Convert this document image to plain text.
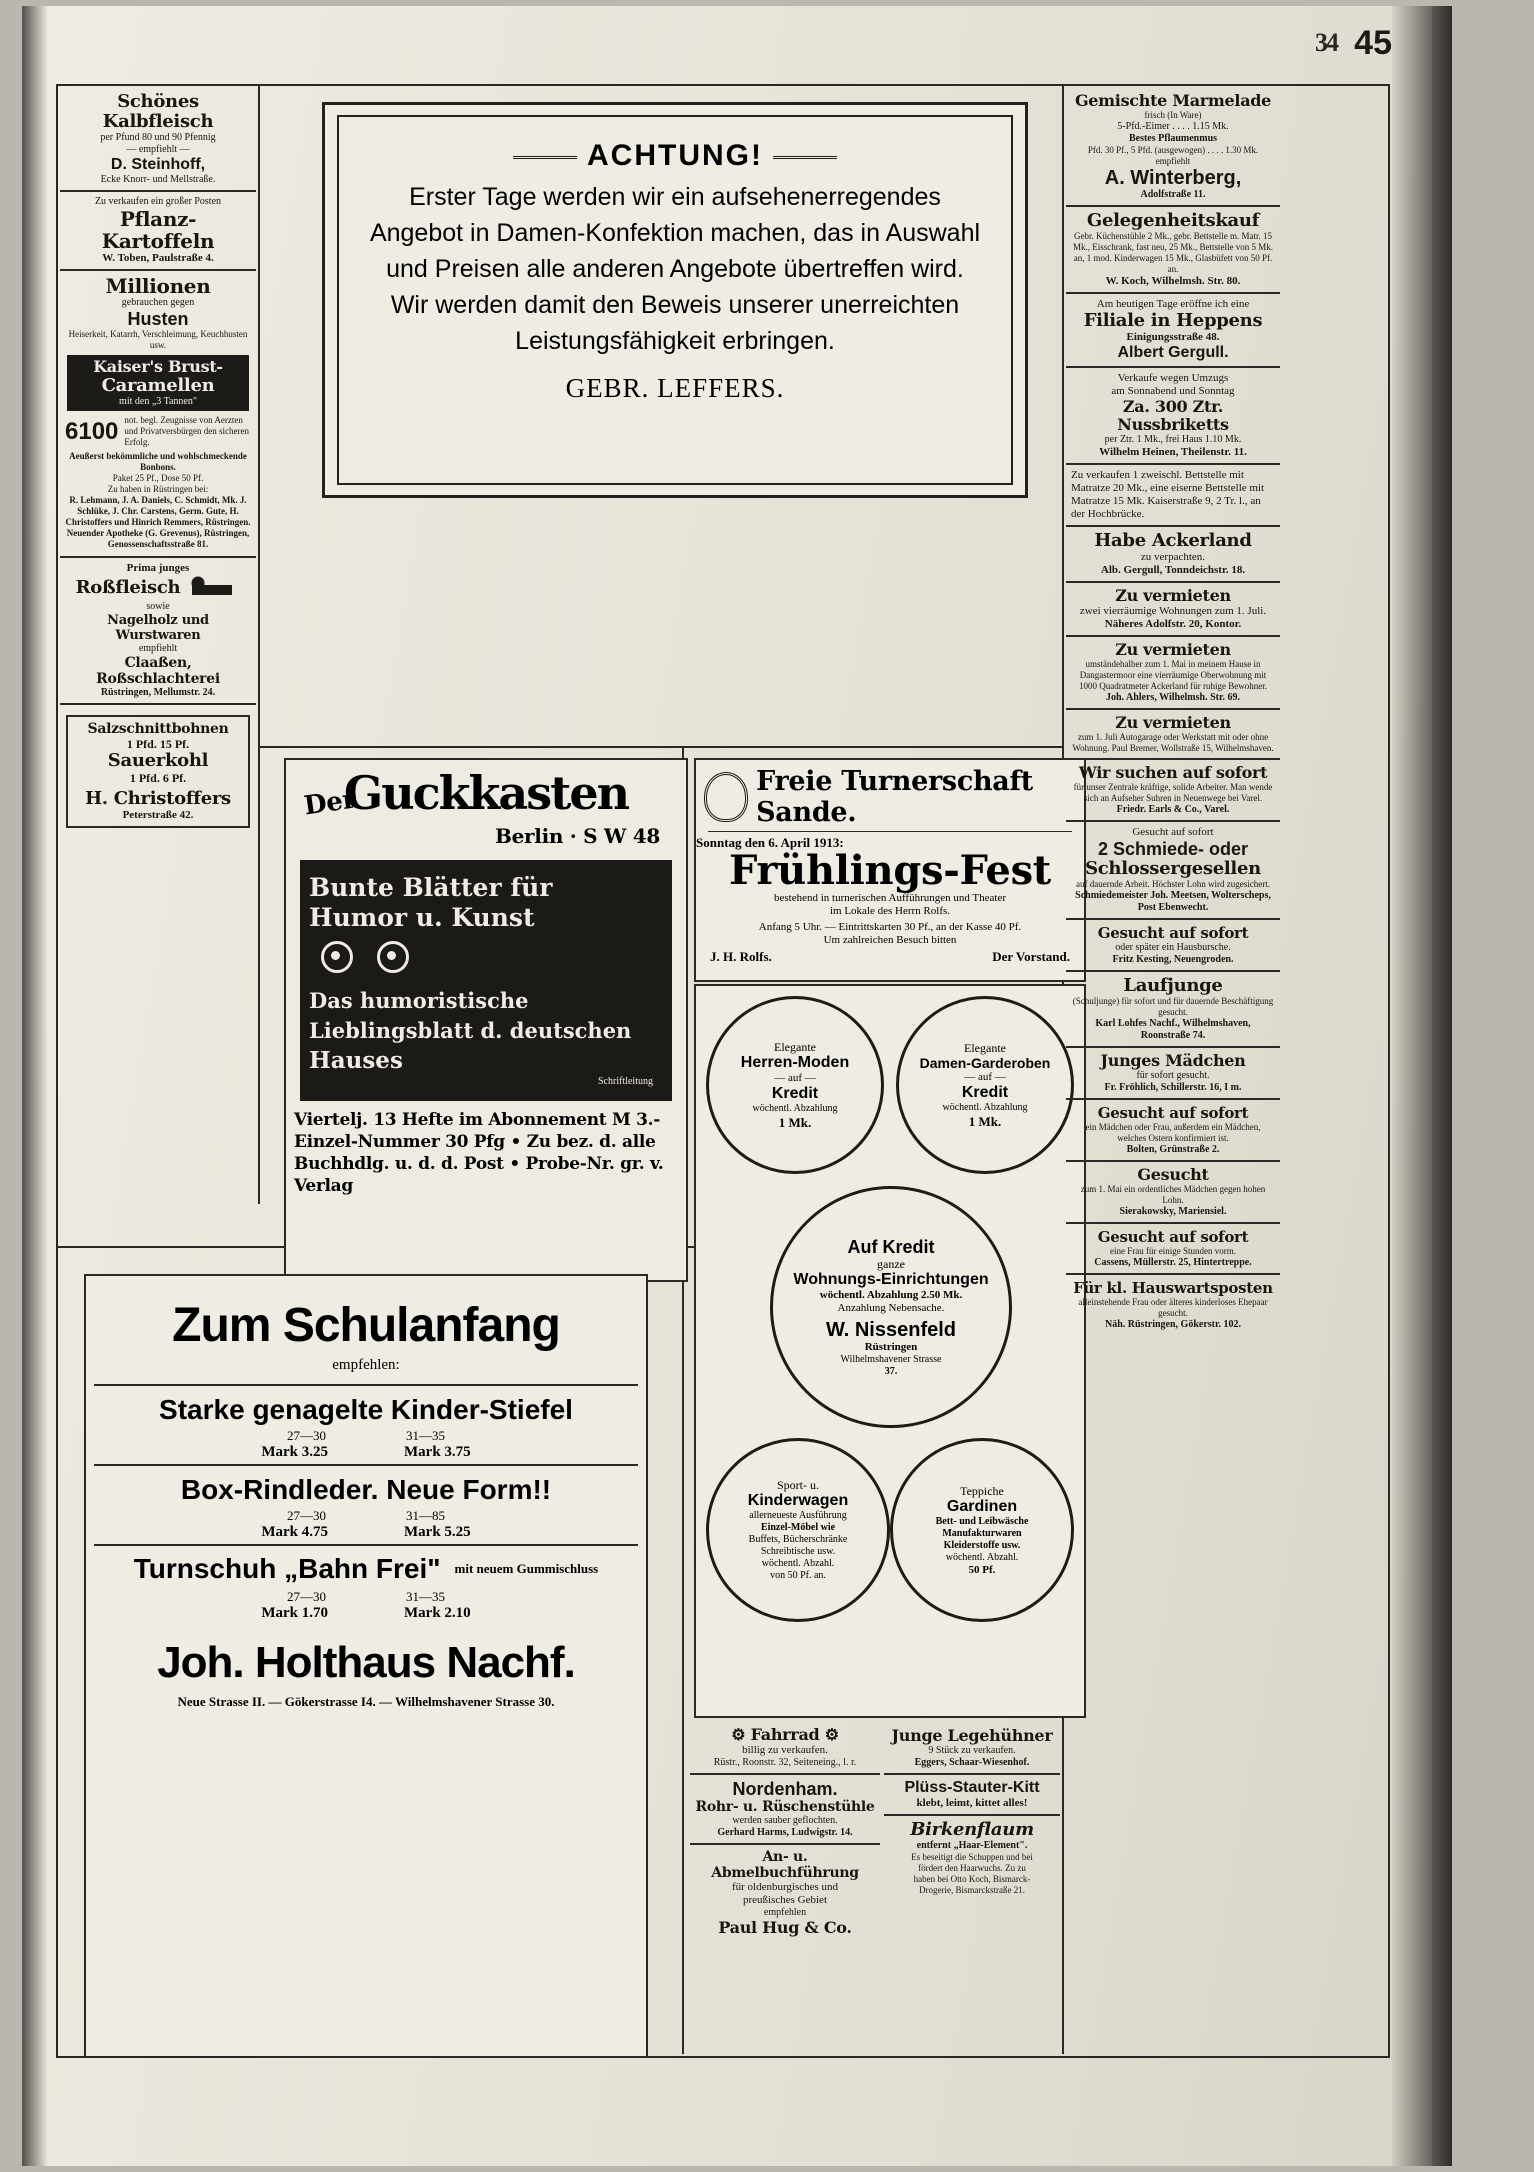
34 45
Schönes Kalbfleisch
per Pfund 80 und 90 Pfennig
— empfiehlt —
D. Steinhoff,
Ecke Knorr- und Mellstraße.
Zu verkaufen ein großer Posten
Pflanz-Kartoffeln
W. Toben, Paulstraße 4.
Millionen
gebrauchen gegen
Husten
Heiserkeit, Katarrh, Verschleimung, Keuchhusten usw.
Kaiser's Brust-
Caramellen
mit den „3 Tannen"
6100 not. begl. Zeugnisse von Aerzten und Privatversbürgen den sicheren Erfolg.
Aeußerst bekömmliche und wohlschmeckende Bonbons.
Paket 25 Pf., Dose 50 Pf.
Zu haben in Rüstringen bei:
R. Lehmann, J. A. Daniels, C. Schmidt, Mk. J. Schlüke, J. Chr. Carstens, Germ. Gute, H. Christoffers und Hinrich Remmers, Rüstringen. Neuender Apotheke (G. Grevenus), Rüstringen, Genossenschaftsstraße 81.
Prima junges
Roßfleisch
sowie
Nagelholz und Wurstwaren
empfiehlt
Claaßen, Roßschlachterei
Rüstringen, Mellumstr. 24.
Salzschnittbohnen
1 Pfd. 15 Pf.
Sauerkohl
1 Pfd. 6 Pf.
H. Christoffers
Peterstraße 42.
ACHTUNG!

Erster Tage werden wir ein aufsehenerregendes Angebot in Damen-Konfektion machen, das in Auswahl und Preisen alle anderen Angebote übertreffen wird. Wir werden damit den Beweis unserer unerreichten Leistungsfähigkeit erbringen.

GEBR. LEFFERS.
Der
Guckkasten
Berlin · S W 48
Bunte Blätter für
Humor u. Kunst
Das humoristische
Lieblingsblatt d. deutschen
Hauses
Schriftleitung
Viertelj. 13 Hefte im Abonnement M 3.-
Einzel-Nummer 30 Pfg • Zu bez. d. alle
Buchhdlg. u. d. d. Post • Probe-Nr. gr. v. Verlag
Freie Turnerschaft Sande.
Sonntag den 6. April 1913:
Frühlings-Fest
bestehend in turnerischen Aufführungen und Theater
im Lokale des Herrn Rolfs.
Anfang 5 Uhr. — Eintrittskarten 30 Pf., an der Kasse 40 Pf.
Um zahlreichen Besuch bitten
J. H. Rolfs.	Der Vorstand.
Elegante
Herren-Moden
— auf —
Kredit
wöchentl. Abzahlung
1 Mk.
Elegante
Damen-Garderoben
— auf —
Kredit
wöchentl. Abzahlung
1 Mk.
Auf Kredit
ganze
Wohnungs-Einrichtungen
wöchentl. Abzahlung 2.50 Mk.
Anzahlung Nebensache.
W. Nissenfeld
Rüstringen
Wilhelmshavener Strasse
37.
Sport- u.
Kinderwagen
allerneueste Ausführung
Einzel-Möbel wie
Buffets, Bücherschränke
Schreibtische usw.
wöchentl. Abzahl.
von 50 Pf. an.
Teppiche
Gardinen
Bett- und Leibwäsche
Manufakturwaren
Kleiderstoffe usw.
wöchentl. Abzahl.
50 Pf.
Zum Schulanfang
empfehlen:
Starke genagelte Kinder-Stiefel
27—30	31—35
Mark 3.25	Mark 3.75
Box-Rindleder. Neue Form!!
27—30	31—85
Mark 4.75	Mark 5.25
Turnschuh „Bahn Frei" mit neuem Gummischluss
27—30	31—35
Mark 1.70	Mark 2.10
Joh. Holthaus Nachf.
Neue Strasse II. — Gökerstrasse I4. — Wilhelmshavener Strasse 30.
⚙ Fahrrad ⚙
billig zu verkaufen.
Rüstr., Roonstr. 32, Seiteneing., l. r.
Nordenham.
Rohr- u. Rüschenstühle
werden sauber geflochten.
Gerhard Harms, Ludwigstr. 14.
An- u. Abmelbuchführung
für oldenburgisches und
preußisches Gebiet
empfehlen
Paul Hug & Co.
Junge Legehühner
9 Stück zu verkaufen.
Eggers, Schaar-Wiesenhof.
Plüss-Stauter-Kitt
klebt, leimt, kittet alles!
Birkenflaum
entfernt „Haar-Element".
Es beseitigt die Schuppen und bei
fördert den Haarwuchs. Zu zu
haben bei Otto Koch, Bismarck-
Drogerie, Bismarckstraße 21.
Gemischte Marmelade
frisch (In Ware)
5-Pfd.-Eimer . . . . 1.15 Mk.
Bestes Pflaumenmus
Pfd. 30 Pf., 5 Pfd. (ausgewogen) . . . . 1.30 Mk.
empfiehlt
A. Winterberg,
Adolfstraße 11.
Gelegenheitskauf
Gebr. Küchenstühle 2 Mk., gebr. Bettstelle m. Matr. 15 Mk., Eisschrank, fast neu, 25 Mk., Bettstelle von 5 Mk. an, 1 mod. Kinderwagen 15 Mk., Glasbüfett von 50 Pf. an.
W. Koch, Wilhelmsh. Str. 80.
Am heutigen Tage eröffne ich eine
Filiale in Heppens
Einigungsstraße 48.
Albert Gergull.
Verkaufe wegen Umzugs
am Sonnabend und Sonntag
Za. 300 Ztr. Nussbriketts
per Ztr. 1 Mk., frei Haus 1.10 Mk.
Wilhelm Heinen, Theilenstr. 11.
Zu verkaufen 1 zweischl. Bettstelle mit Matratze 20 Mk., eine eiserne Bettstelle mit Matratze 15 Mk. Kaiserstraße 9, 2 Tr. l., an der Hochbrücke.
Habe Ackerland
zu verpachten.
Alb. Gergull, Tonndeichstr. 18.
Zu vermieten
zwei vierräumige Wohnungen zum 1. Juli.
Näheres Adolfstr. 20, Kontor.
Zu vermieten
umständehalber zum 1. Mai in meinem Hause in Dangastermoor eine vierräumige Oberwohnung mit 1000 Quadratmeter Ackerland für ruhige Bewohner.
Joh. Ahlers, Wilhelmsh. Str. 69.
Zu vermieten
zum 1. Juli Autogarage oder Werkstatt mit oder ohne Wohnung. Paul Bremer, Wollstraße 15, Wilhelmshaven.
Wir suchen auf sofort
für unser Zentrale kräftige, solide Arbeiter. Man wende sich an Aufseher Suhren in Neuenwege bei Varel.
Friedr. Earls & Co., Varel.
Gesucht auf sofort
2 Schmiede- oder
Schlossergesellen
auf dauernde Arbeit. Höchster Lohn wird zugesichert.
Schmiedemeister Joh. Meetsen, Wolterscheps, Post Ebenwecht.
Gesucht auf sofort
oder später ein Hausbursche.
Fritz Kesting, Neuengroden.
Laufjunge
(Schuljunge) für sofort und für dauernde Beschäftigung gesucht.
Karl Lohfes Nachf., Wilhelmshaven, Roonstraße 74.
Junges Mädchen
für sofort gesucht.
Fr. Fröhlich, Schillerstr. 16, I m.
Gesucht auf sofort
ein Mädchen oder Frau, außerdem ein Mädchen, welches Ostern konfirmiert ist.
Bolten, Grünstraße 2.
Gesucht
zum 1. Mai ein ordentliches Mädchen gegen hohen Lohn.
Sierakowsky, Mariensiel.
Gesucht auf sofort
eine Frau für einige Stunden vorm.
Cassens, Müllerstr. 25, Hintertreppe.
Für kl. Hauswartsposten
alleinstehende Frau oder älteres kinderloses Ehepaar gesucht.
Näh. Rüstringen, Gökerstr. 102.
